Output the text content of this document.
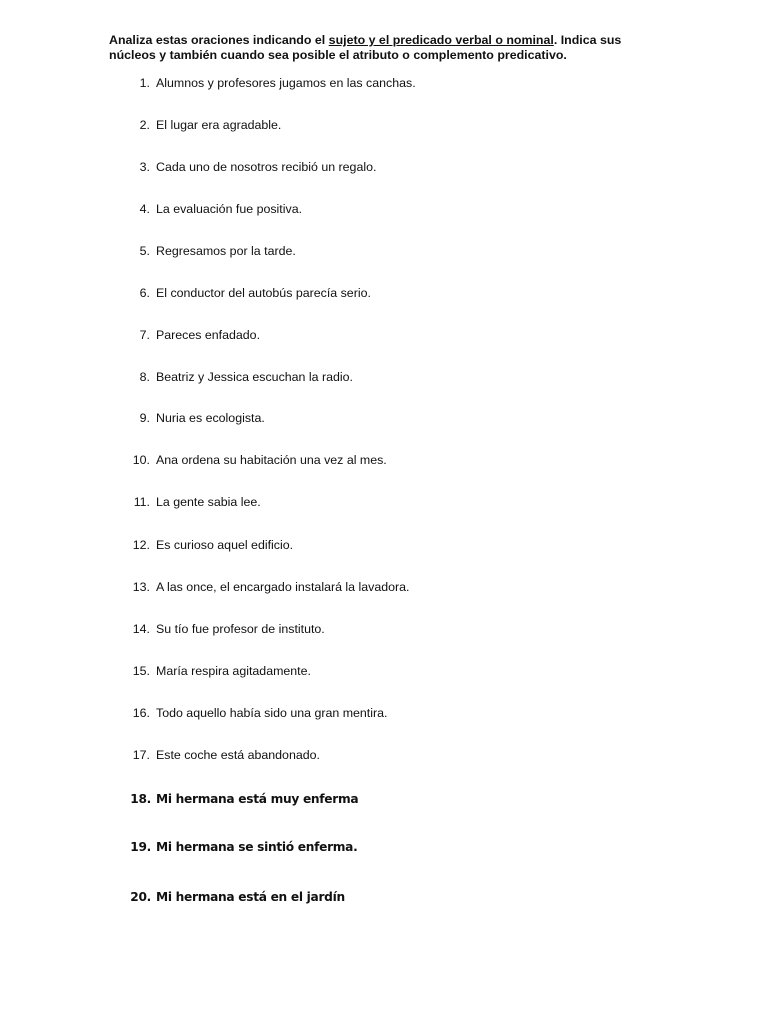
Analiza estas oraciones indicando el sujeto y el predicado verbal o nominal. Indica sus núcleos y también cuando sea posible el atributo o complemento predicativo.
1. Alumnos y profesores jugamos en las canchas.
2. El lugar era agradable.
3. Cada uno de nosotros recibió un regalo.
4. La evaluación fue positiva.
5. Regresamos por la tarde.
6. El conductor del autobús parecía serio.
7. Pareces enfadado.
8. Beatriz y Jessica escuchan la radio.
9. Nuria es ecologista.
10. Ana ordena su habitación una vez al mes.
11. La gente sabia lee.
12. Es curioso aquel edificio.
13. A las once, el encargado instalará la lavadora.
14. Su tío fue profesor de instituto.
15. María respira agitadamente.
16. Todo aquello había sido una gran mentira.
17. Este coche está abandonado.
18. Mi hermana está muy enferma
19. Mi hermana se sintió enferma.
20. Mi hermana está en el jardín
